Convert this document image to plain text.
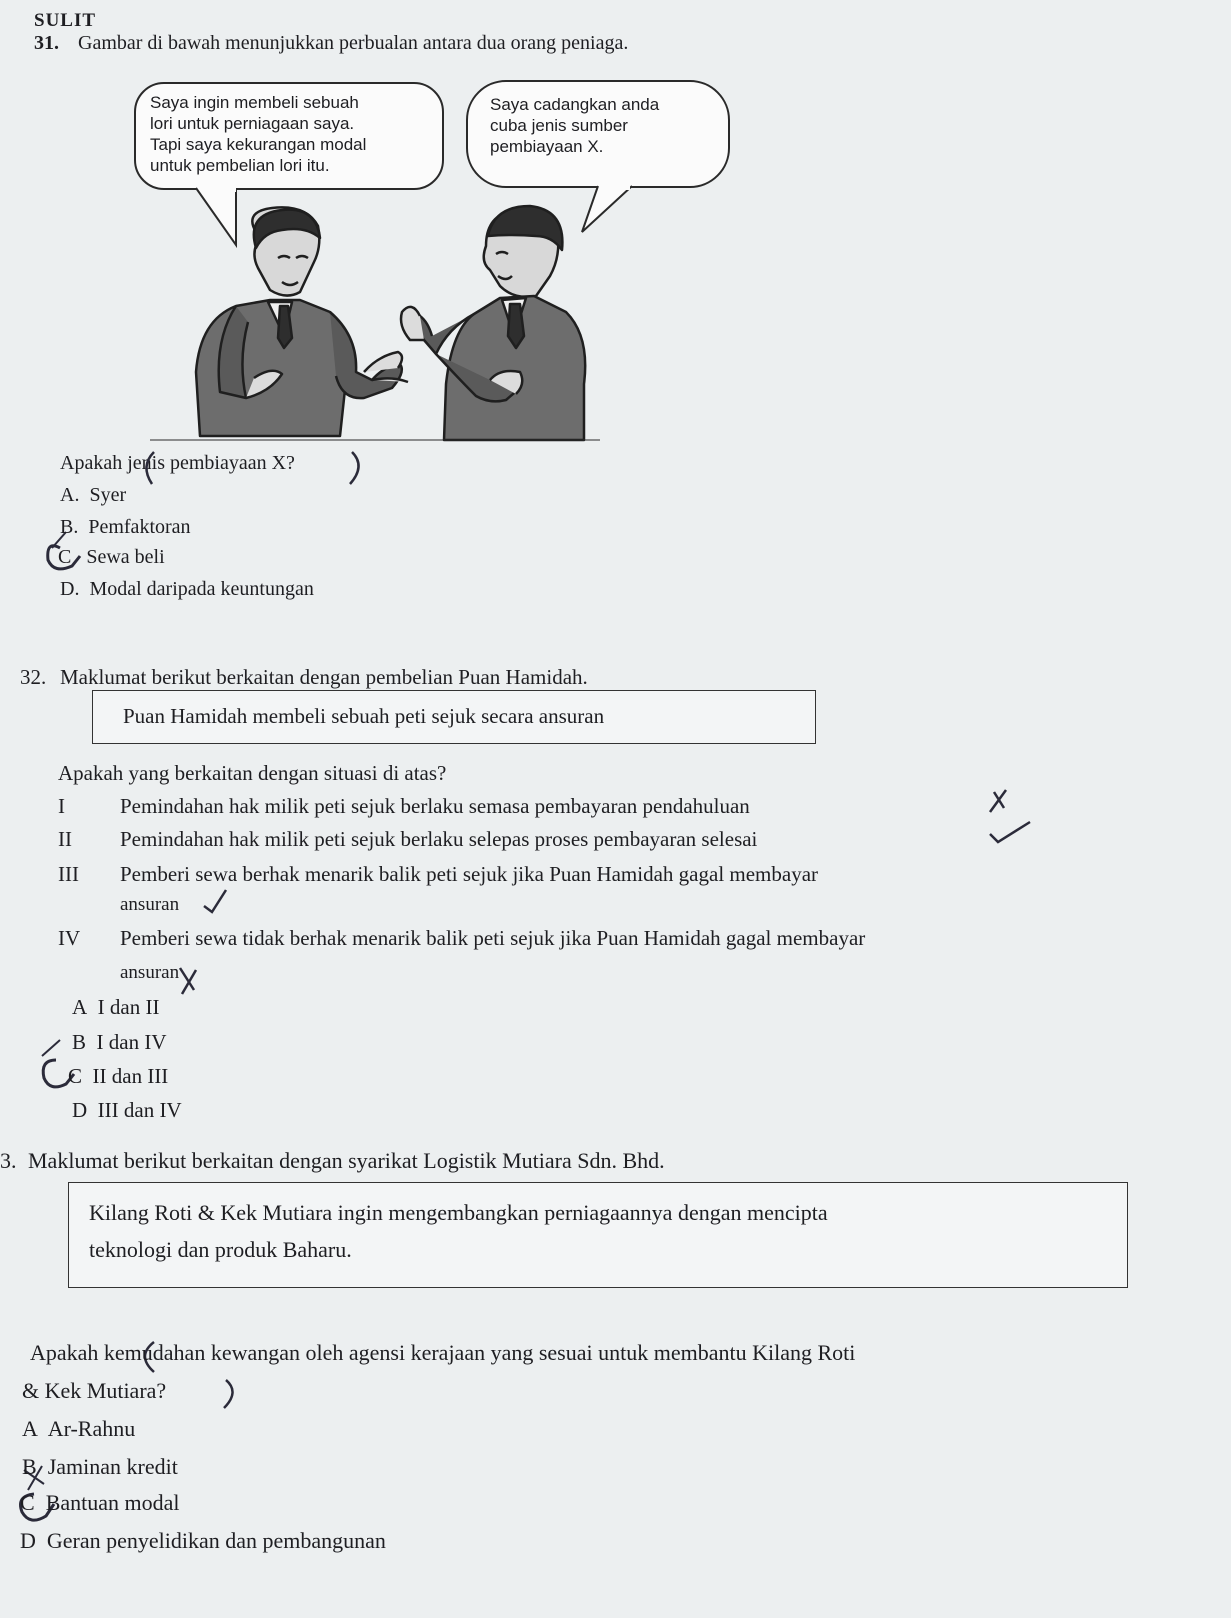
SULIT
31. Gambar di bawah menunjukkan perbualan antara dua orang peniaga.
Saya ingin membeli sebuah
lori untuk perniagaan saya.
Tapi saya kekurangan modal
untuk pembelian lori itu.
Saya cadangkan anda
cuba jenis sumber
pembiayaan X.
Apakah jenis pembiayaan X?
A. Syer
B. Pemfaktoran
C Sewa beli
D. Modal daripada keuntungan
32. Maklumat berikut berkaitan dengan pembelian Puan Hamidah.
Puan Hamidah membeli sebuah peti sejuk secara ansuran
Apakah yang berkaitan dengan situasi di atas?
I	Pemindahan hak milik peti sejuk berlaku semasa pembayaran pendahuluan
II Pemindahan hak milik peti sejuk berlaku selepas proses pembayaran selesai
III Pemberi sewa berhak menarik balik peti sejuk jika Puan Hamidah gagal membayar
ansuran
IV Pemberi sewa tidak berhak menarik balik peti sejuk jika Puan Hamidah gagal membayar
ansuran
A I dan II
B I dan IV
C II dan III
D III dan IV
3. Maklumat berikut berkaitan dengan syarikat Logistik Mutiara Sdn. Bhd.
Kilang Roti & Kek Mutiara ingin mengembangkan perniagaannya dengan mencipta
teknologi dan produk Baharu.
Apakah kemudahan kewangan oleh agensi kerajaan yang sesuai untuk membantu Kilang Roti
& Kek Mutiara?
A Ar-Rahnu
B Jaminan kredit
C Bantuan modal
D Geran penyelidikan dan pembangunan
